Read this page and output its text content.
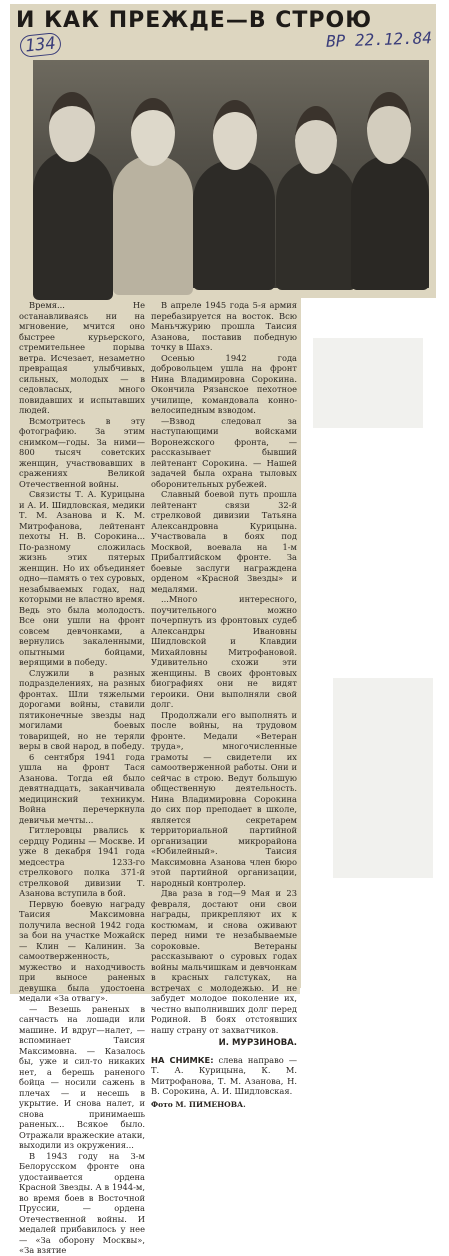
И КАК ПРЕЖДЕ—В СТРОЮ
134	ВР 22.12.84

Время... Не останавливаясь ни на мгновение, мчится оно быстрее курьерского, стремительнее порыва ветра. Исчезает, незаметно превращая улыбчивых, сильных, молодых — в седовласых, много повидавших и испытавших людей.

Всмотритесь в эту фотографию. За этим снимком—годы. За ними—800 тысяч советских женщин, участвовавших в сражениях Великой Отечественной войны.

Связисты Т. А. Курицына и А. И. Шидловская, медики Т. М. Азанова и К. М. Митрофанова, лейтенант пехоты Н. В. Сорокина... По-разному сложилась жизнь этих пятерых женщин. Но их объединяет одно—память о тех суровых, незабываемых годах, над которыми не властно время. Ведь это была молодость. Все они ушли на фронт совсем девчонками, а вернулись закаленными, опытными бойцами, верящими в победу.

Служили в разных подразделениях, на разных фронтах. Шли тяжелыми дорогами войны, ставили пятиконечные звезды над могилами боевых товарищей, но не теряли веры в свой народ, в победу.

6 сентября 1941 года ушла на фронт Тася Азанова. Тогда ей было девятнадцать, заканчивала медицинский техникум. Война перечеркнула девичьи мечты...

Гитлеровцы рвались к сердцу Родины — Москве. И уже 8 декабря 1941 года медсестра 1233-го стрелкового полка 371-й стрелковой дивизии Т. Азанова вступила в бой.

Первую боевую награду Таисия Максимовна получила весной 1942 года за бои на участке Можайск — Клин — Калинин. За самоотверженность, мужество и находчивость при выносе раненых девушка была удостоена медали «За отвагу».

— Везешь раненых в санчасть на лошади или машине. И вдруг—налет, — вспоминает Таисия Максимовна. — Казалось бы, уже и сил-то никаких нет, а берешь раненого бойца — носили сажень в плечах — и несешь в укрытие. И снова налет, и снова принимаешь раненых... Всякое было. Отражали вражеские атаки, выходили из окружения...

В 1943 году на 3-м Белорусском фронте она удостаивается ордена Красной Звезды. А в 1944-м, во время боев в Восточной Пруссии, — ордена Отечественной войны. И медалей прибавилось у нее — «За оборону Москвы», «За взятие

В апреле 1945 года 5-я армия перебазируется на восток. Всю Маньчжурию прошла Таисия Азанова, поставив победную точку в Шахэ.

Осенью 1942 года добровольцем ушла на фронт Нина Владимировна Сорокина. Окончила Рязанское пехотное училище, командовала конно-велосипедным взводом.

—Взвод следовал за наступающими войсками Воронежского фронта, — рассказывает бывший лейтенант Сорокина. — Нашей задачей была охрана тыловых оборонительных рубежей.

Славный боевой путь прошла лейтенант связи 32-й стрелковой дивизии Татьяна Александровна Курицына. Участвовала в боях под Москвой, воевала на 1-м Прибалтийском фронте. За боевые заслуги награждена орденом «Красной Звезды» и медалями.

...Много интересного, поучительного можно почерпнуть из фронтовых судеб Александры Ивановны Шидловской и Клавдии Михайловны Митрофановой. Удивительно схожи эти женщины. В своих фронтовых биографиях они не видят героики. Они выполняли свой долг.

Продолжали его выполнять и после войны, на трудовом фронте. Медали «Ветеран труда», многочисленные грамоты — свидетели их самоотверженной работы. Они и сейчас в строю. Ведут большую общественную деятельность. Нина Владимировна Сорокина до сих пор преподает в школе, является секретарем территориальной партийной организации микрорайона «Юбилейный». Таисия Максимовна Азанова член бюро этой партийной организации, народный контролер.

Два раза в год—9 Мая и 23 февраля, достают они свои награды, прикрепляют их к костюмам, и снова оживают перед ними те незабываемые сороковые. Ветераны рассказывают о суровых годах войны мальчишкам и девчонкам в красных галстуках, на встречах с молодежью. И не забудет молодое поколение их, честно выполнивших долг перед Родиной. В боях отстоявших нашу страну от захватчиков.

И. МУРЗИНОВА.
НА СНИМКЕ: слева направо — Т. А. Курицына, К. М. Митрофанова, Т. М. Азанова, Н. В. Сорокина, А. И. Шидловская.
Фото М. ПИМЕНОВА.
